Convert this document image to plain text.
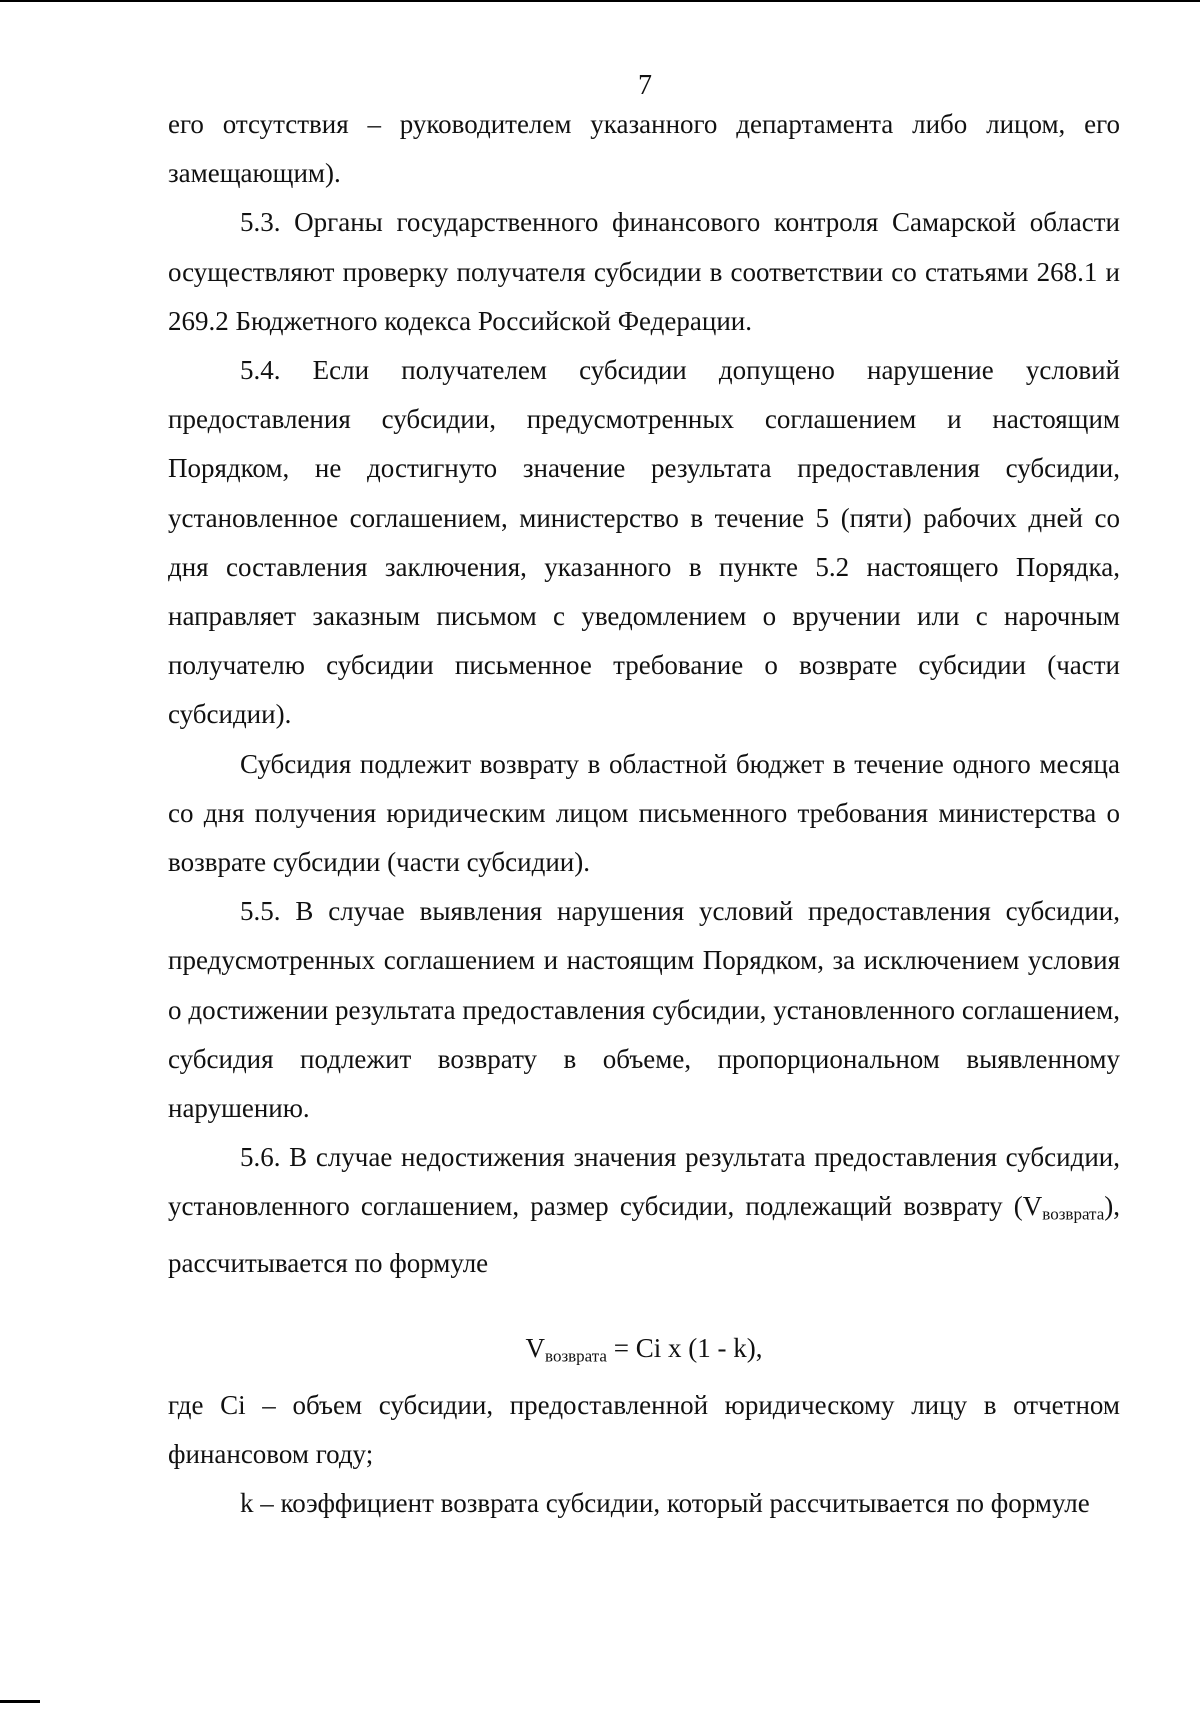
7

его отсутствия – руководителем указанного департамента либо лицом, его замещающим).

5.3. Органы государственного финансового контроля Самарской области осуществляют проверку получателя субсидии в соответствии со статьями 268.1 и 269.2 Бюджетного кодекса Российской Федерации.

5.4. Если получателем субсидии допущено нарушение условий предоставления субсидии, предусмотренных соглашением и настоящим Порядком, не достигнуто значение результата предоставления субсидии, установленное соглашением, министерство в течение 5 (пяти) рабочих дней со дня составления заключения, указанного в пункте 5.2 настоящего Порядка, направляет заказным письмом с уведомлением о вручении или с нарочным получателю субсидии письменное требование о возврате субсидии (части субсидии).

Субсидия подлежит возврату в областной бюджет в течение одного месяца со дня получения юридическим лицом письменного требования министерства о возврате субсидии (части субсидии).

5.5. В случае выявления нарушения условий предоставления субсидии, предусмотренных соглашением и настоящим Порядком, за исключением условия о достижении результата предоставления субсидии, установленного соглашением, субсидия подлежит возврату в объеме, пропорциональном выявленному нарушению.

5.6. В случае недостижения значения результата предоставления субсидии, установленного соглашением, размер субсидии, подлежащий возврату $(V_{возврата})$, рассчитывается по формуле

$V_{возврата} = Ci$ x (1 - k),

где Ci – объем субсидии, предоставленной юридическому лицу в отчетном финансовом году;

k – коэффициент возврата субсидии, который рассчитывается по формуле
